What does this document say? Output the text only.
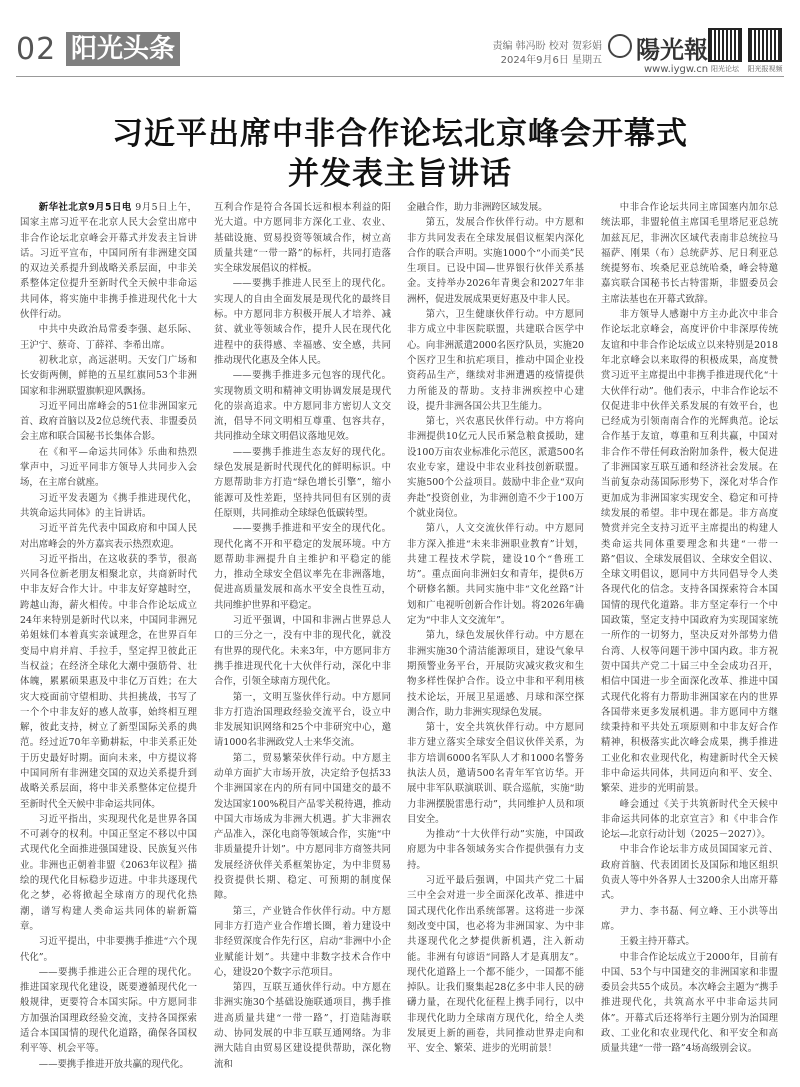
02 阳光头条	责编 韩冯盼 校对 贺彩娟
2024年9月6日 星期五 陽光報
www.iygw.cn 阳光论坛	阳光报视频
习近平出席中非合作论坛北京峰会开幕式
并发表主旨讲话

新华社北京9月5日电 9月5日上午，国家主席习近平在北京人民大会堂出席中非合作论坛北京峰会开幕式并发表主旨讲话。习近平宣布，中国同所有非洲建交国的双边关系提升到战略关系层面，中非关系整体定位提升至新时代全天候中非命运共同体，将实施中非携手推进现代化十大伙伴行动。

中共中央政治局常委李强、赵乐际、王沪宁、蔡奇、丁薛祥、李希出席。

初秋北京，高远湛明。天安门广场和长安街两侧，鲜艳的五星红旗同53个非洲国家和非洲联盟旗帜迎风飘扬。

习近平同出席峰会的51位非洲国家元首、政府首脑以及2位总统代表、非盟委员会主席和联合国秘书长集体合影。

在《和平—命运共同体》乐曲和热烈掌声中，习近平同非方领导人共同步入会场，在主席台就座。

习近平发表题为《携手推进现代化，共筑命运共同体》的主旨讲话。

习近平首先代表中国政府和中国人民对出席峰会的外方嘉宾表示热烈欢迎。

习近平指出，在这收获的季节，很高兴同各位新老朋友相聚北京，共商新时代中非友好合作大计。中非友好穿越时空，跨越山海，薪火相传。中非合作论坛成立24年来特别是新时代以来，中国同非洲兄弟姐妹们本着真实亲诚理念，在世界百年变局中肩并肩、手拉手，坚定捍卫彼此正当权益；在经济全球化大潮中强筋骨、壮体魄，累累硕果惠及中非亿万百姓；在大灾大疫面前守望相助、共担挑战，书写了一个个中非友好的感人故事，始终相互理解，彼此支持，树立了新型国际关系的典范。经过近70年辛勤耕耘，中非关系正处于历史最好时期。面向未来，中方提议将中国同所有非洲建交国的双边关系提升到战略关系层面，将中非关系整体定位提升至新时代全天候中非命运共同体。

习近平指出，实现现代化是世界各国不可剥夺的权利。中国正坚定不移以中国式现代化全面推进强国建设、民族复兴伟业。非洲也正朝着非盟《2063年议程》描绘的现代化目标稳步迈进。中非共逐现代化之梦，必将掀起全球南方的现代化热潮，谱写构建人类命运共同体的崭新篇章。

习近平提出，中非要携手推进“六个现代化”。

——要携手推进公正合理的现代化。推进国家现代化建设，既要遵循现代化一般规律，更要符合本国实际。中方愿同非方加强治国理政经验交流，支持各国探索适合本国国情的现代化道路，确保各国权利平等、机会平等。

——要携手推进开放共赢的现代化。

互利合作是符合各国长远和根本利益的阳光大道。中方愿同非方深化工业、农业、基础设施、贸易投资等领域合作，树立高质量共建“一带一路”的标杆，共同打造落实全球发展倡议的样板。

——要携手推进人民至上的现代化。实现人的自由全面发展是现代化的最终目标。中方愿同非方积极开展人才培养、减贫、就业等领域合作，提升人民在现代化进程中的获得感、幸福感、安全感，共同推动现代化惠及全体人民。

——要携手推进多元包容的现代化。实现物质文明和精神文明协调发展是现代化的崇高追求。中方愿同非方密切人文交流，倡导不同文明相互尊重、包容共存，共同推动全球文明倡议落地见效。

——要携手推进生态友好的现代化。绿色发展是新时代现代化的鲜明标识。中方愿帮助非方打造“绿色增长引擎”，缩小能源可及性差距，坚持共同但有区别的责任原则，共同推动全球绿色低碳转型。

——要携手推进和平安全的现代化。现代化离不开和平稳定的发展环境。中方愿帮助非洲提升自主维护和平稳定的能力，推动全球安全倡议率先在非洲落地，促进高质量发展和高水平安全良性互动，共同维护世界和平稳定。

习近平强调，中国和非洲占世界总人口的三分之一，没有中非的现代化，就没有世界的现代化。未来3年，中方愿同非方携手推进现代化十大伙伴行动，深化中非合作，引领全球南方现代化。

第一，文明互鉴伙伴行动。中方愿同非方打造治国理政经验交流平台，设立中非发展知识网络和25个中非研究中心，邀请1000名非洲政党人士来华交流。

第二，贸易繁荣伙伴行动。中方愿主动单方面扩大市场开放，决定给予包括33个非洲国家在内的所有同中国建交的最不发达国家100%税目产品零关税待遇，推动中国大市场成为非洲大机遇。扩大非洲农产品准入，深化电商等领域合作，实施“中非质量提升计划”。中方愿同非方商签共同发展经济伙伴关系框架协定，为中非贸易投资提供长期、稳定、可预期的制度保障。

第三，产业链合作伙伴行动。中方愿同非方打造产业合作增长圈，着力建设中非经贸深度合作先行区，启动“非洲中小企业赋能计划”。共建中非数字技术合作中心，建设20个数字示范项目。

第四，互联互通伙伴行动。中方愿在非洲实施30个基础设施联通项目，携手推进高质量共建“一带一路”，打造陆海联动、协同发展的中非互联互通网络。为非洲大陆自由贸易区建设提供帮助，深化物流和

金融合作，助力非洲跨区域发展。

第五，发展合作伙伴行动。中方愿和非方共同发表在全球发展倡议框架内深化合作的联合声明。实施1000个“小而美”民生项目。已设中国—世界银行伙伴关系基金。支持举办2026年青奥会和2027年非洲杯，促进发展成果更好惠及中非人民。

第六，卫生健康伙伴行动。中方愿同非方成立中非医院联盟，共建联合医学中心。向非洲派遣2000名医疗队员，实施20个医疗卫生和抗疟项目，推动中国企业投资药品生产，继续对非洲遭遇的疫情提供力所能及的帮助。支持非洲疾控中心建设，提升非洲各国公共卫生能力。

第七，兴农惠民伙伴行动。中方将向非洲提供10亿元人民币紧急粮食援助，建设100万亩农业标准化示范区，派遣500名农业专家，建设中非农业科技创新联盟。实施500个公益项目。鼓励中非企业“双向奔赴”投资创业，为非洲创造不少于100万个就业岗位。

第八，人文交流伙伴行动。中方愿同非方深入推进“未来非洲职业教育”计划，共建工程技术学院，建设10个“鲁班工坊”。重点面向非洲妇女和青年，提供6万个研修名额。共同实施中非“文化丝路”计划和广电视听创新合作计划。将2026年确定为“中非人文交流年”。

第九，绿色发展伙伴行动。中方愿在非洲实施30个清洁能源项目，建设气象早期预警业务平台，开展防灾减灾救灾和生物多样性保护合作。设立中非和平利用核技术论坛，开展卫星遥感、月球和深空探测合作，助力非洲实现绿色发展。

第十，安全共筑伙伴行动。中方愿同非方建立落实全球安全倡议伙伴关系，为非方培训6000名军队人才和1000名警务执法人员，邀请500名青年军官访华。开展中非军队联演联训、联合巡航，实施“助力非洲摆脱雷患行动”，共同维护人员和项目安全。

为推动“十大伙伴行动”实施，中国政府愿为中非各领域务实合作提供强有力支持。

习近平最后强调，中国共产党二十届三中全会对进一步全面深化改革、推进中国式现代化作出系统部署。这将进一步深刻改变中国，也必将为非洲国家、为中非共逐现代化之梦提供新机遇，注入新动能。非洲有句谚语“同路人才是真朋友”。现代化道路上一个都不能少，一国都不能掉队。让我们聚集起28亿多中非人民的磅礴力量，在现代化征程上携手同行，以中非现代化助力全球南方现代化，给全人类发展更上新的画卷，共同推动世界走向和平、安全、繁荣、进步的光明前景！

中非合作论坛共同主席国塞内加尔总统法耶，非盟轮值主席国毛里塔尼亚总统加兹瓦尼，非洲次区域代表南非总统拉马福萨、刚果（布）总统萨苏、尼日利亚总统提努布、埃桑尼亚总统哈桑，峰会特邀嘉宾联合国秘书长古特雷斯，非盟委员会主席法基也在开幕式致辞。

非方领导人感谢中方主办此次中非合作论坛北京峰会，高度评价中非深厚传统友谊和中非合作论坛成立以来特别是2018年北京峰会以来取得的积极成果，高度赞赏习近平主席提出中非携手推进现代化“十大伙伴行动”。他们表示，中非合作论坛不仅促进非中伙伴关系发展的有效平台，也已经成为引领南南合作的光辉典范。论坛合作基于友谊，尊重和互利共赢，中国对非合作不带任何政治附加条件，极大促进了非洲国家互联互通和经济社会发展。在当前复杂动荡国际形势下，深化对华合作更加成为非洲国家实现安全、稳定和可持续发展的希望。非中现在都是。非方高度赞赏并完全支持习近平主席提出的构建人类命运共同体重要理念和共建“一带一路”倡议、全球发展倡议、全球安全倡议、全球文明倡议，愿同中方共同倡导令人类各现代化的信念。支持各国探索符合本国国情的现代化道路。非方坚定奉行一个中国政策，坚定支持中国政府为实现国家统一所作的一切努力，坚决反对外部势力借台湾、人权等问题干涉中国内政。非方祝贺中国共产党二十届三中全会成功召开，相信中国进一步全面深化改革、推进中国式现代化将有力帮助非洲国家在内的世界各国带来更多发展机遇。非方愿同中方继续秉持和平共处五项原则和中非友好合作精神，积极落实此次峰会成果，携手推进工业化和农业现代化，构建新时代全天候非中命运共同体，共同迈向和平、安全、繁荣、进步的光明前景。

峰会通过《关于共筑新时代全天候中非命运共同体的北京宣言》和《中非合作论坛—北京行动计划（2025－2027）》。

中非合作论坛非方成员国国家元首、政府首脑、代表团团长及国际和地区组织负责人等中外各界人士3200余人出席开幕式。

尹力、李书磊、何立峰、王小洪等出席。

王毅主持开幕式。

中非合作论坛成立于2000年，目前有中国、53个与中国建交的非洲国家和非盟委员会共55个成员。本次峰会主题为“携手推进现代化，共筑高水平中非命运共同体”。开幕式后还将举行主题分别为治国理政、工业化和农业现代化、和平安全和高质量共建“一带一路”4场高级别会议。
